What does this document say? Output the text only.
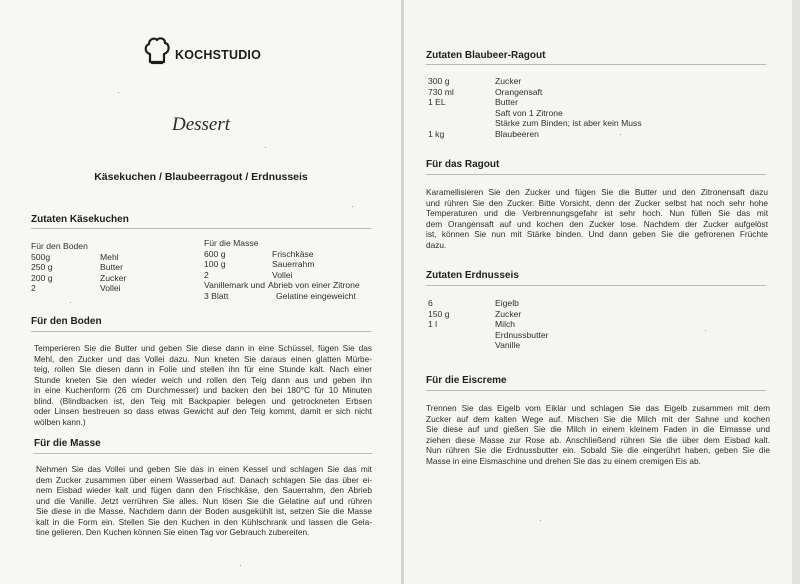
KOCHSTUDIO
Dessert
Käsekuchen / Blaubeerragout / Erdnusseis
Zutaten Käsekuchen
Für den Boden
500g	Mehl
250 g	Butter
200 g	Zucker
2	Vollei
Für die Masse
600 g	Frischkäse
100 g	Sauerrahm
2	Vollei
Vanillemark und Abrieb von einer Zitrone
3 Blatt	Gelatine eingeweicht
Für den Boden
Temperieren Sie die Butter und geben Sie diese dann in eine Schüssel, fügen Sie das
Mehl, den Zucker und das Vollei dazu. Nun kneten Sie daraus einen glatten Mürbe-
teig, rollen Sie diesen dann in Folie und stellen ihn für eine Stunde kalt. Nach einer
Stunde kneten Sie den wieder weich und rollen den Teig dann aus und geben ihn
in eine Kuchenform (26 cm Durchmesser) und backen den bei 180°C für 10 Minuten
blind. (Blindbacken ist, den Teig mit Backpapier belegen und getrockneten Erbsen
oder Linsen bestreuen so dass etwas Gewicht auf den Teig kommt, damit er sich nicht
wölben kann.)
Für die Masse
Nehmen Sie das Vollei und geben Sie das in einen Kessel und schlagen Sie das mit
dem Zucker zusammen über einem Wasserbad auf. Danach schlagen Sie das über ei-
nem Eisbad wieder kalt und fügen dann den Frischkäse, den Sauerrahm, den Abrieb
und die Vanille. Jetzt verrühren Sie alles. Nun lösen Sie die Gelatine auf und rühren
Sie diese in die Masse. Nachdem dann der Boden ausgekühlt ist, setzen Sie die Masse
kalt in die Form ein. Stellen Sie den Kuchen in den Kühlschrank und lassen die Gela-
tine gelieren. Den Kuchen können Sie einen Tag vor Gebrauch zubereiten.
Zutaten Blaubeer-Ragout
300 g	Zucker
730 ml	Orangensaft
1 EL	Butter
Saft von 1 Zitrone
Stärke zum Binden; ist aber kein Muss
1 kg	Blaubeeren
Für das Ragout
Karamellisieren Sie den Zucker und fügen Sie die Butter und den Zitronensaft dazu
und rühren Sie den Zucker. Bitte Vorsicht, denn der Zucker selbst hat noch sehr hohe
Temperaturen und die Verbrennungsgefahr ist sehr hoch. Nun füllen Sie das mit
dem Orangensaft auf und kochen den Zucker lose. Nachdem der Zucker aufgelöst
ist, können Sie nun mit Stärke binden. Und dann geben Sie die gefrorenen Früchte
dazu.
Zutaten Erdnusseis
6	Eigelb
150 g	Zucker
1 l	Milch
Erdnussbutter
Vanille
Für die Eiscreme
Trennen Sie das Eigelb vom Eiklar und schlagen Sie das Eigelb zusammen mit dem
Zucker auf dem kalten Wege auf. Mischen Sie die Milch mit der Sahne und kochen
Sie diese auf und gießen Sie die Milch in einem kleinem Faden in die Eimasse und
ziehen diese Masse zur Rose ab. Anschließend rühren Sie die über dem Eisbad kalt.
Nun rühren Sie die Erdnussbutter ein. Sobald Sie die eingerührt haben, geben Sie die
Masse in eine Eismaschine und drehen Sie das zu einem cremigen Eis ab.
